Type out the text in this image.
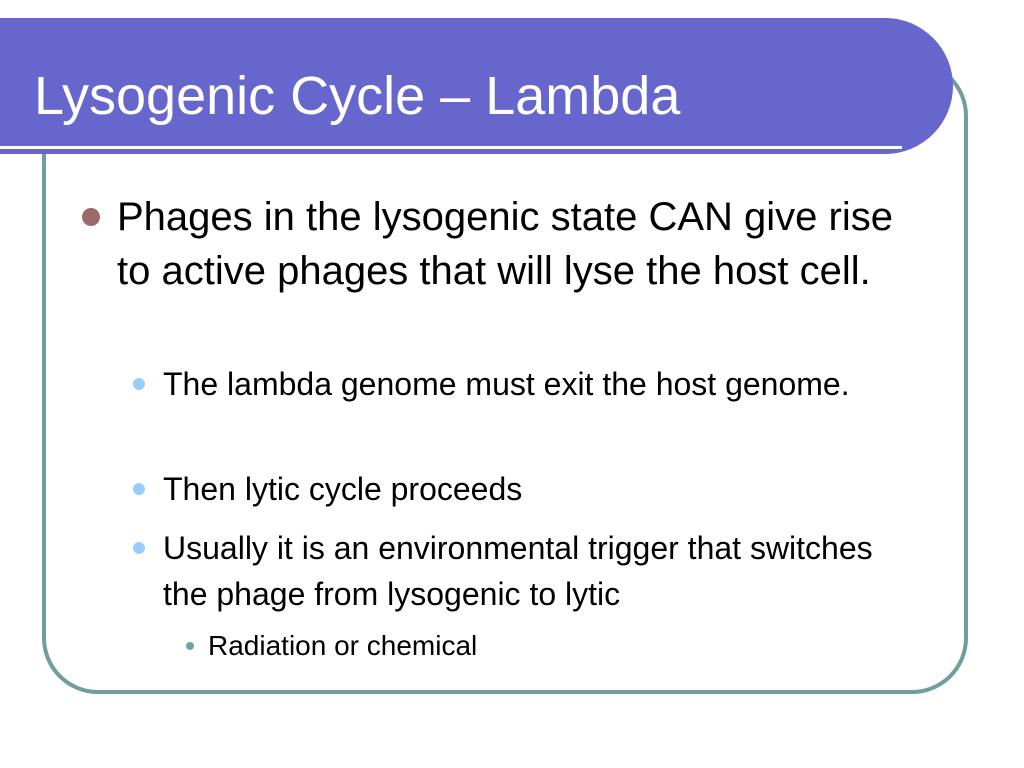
Lysogenic Cycle – Lambda
Phages in the lysogenic state CAN give rise to active phages that will lyse the host cell.
The lambda genome must exit the host genome.
Then lytic cycle proceeds
Usually it is an environmental trigger that switches the phage from lysogenic to lytic
Radiation or chemical
